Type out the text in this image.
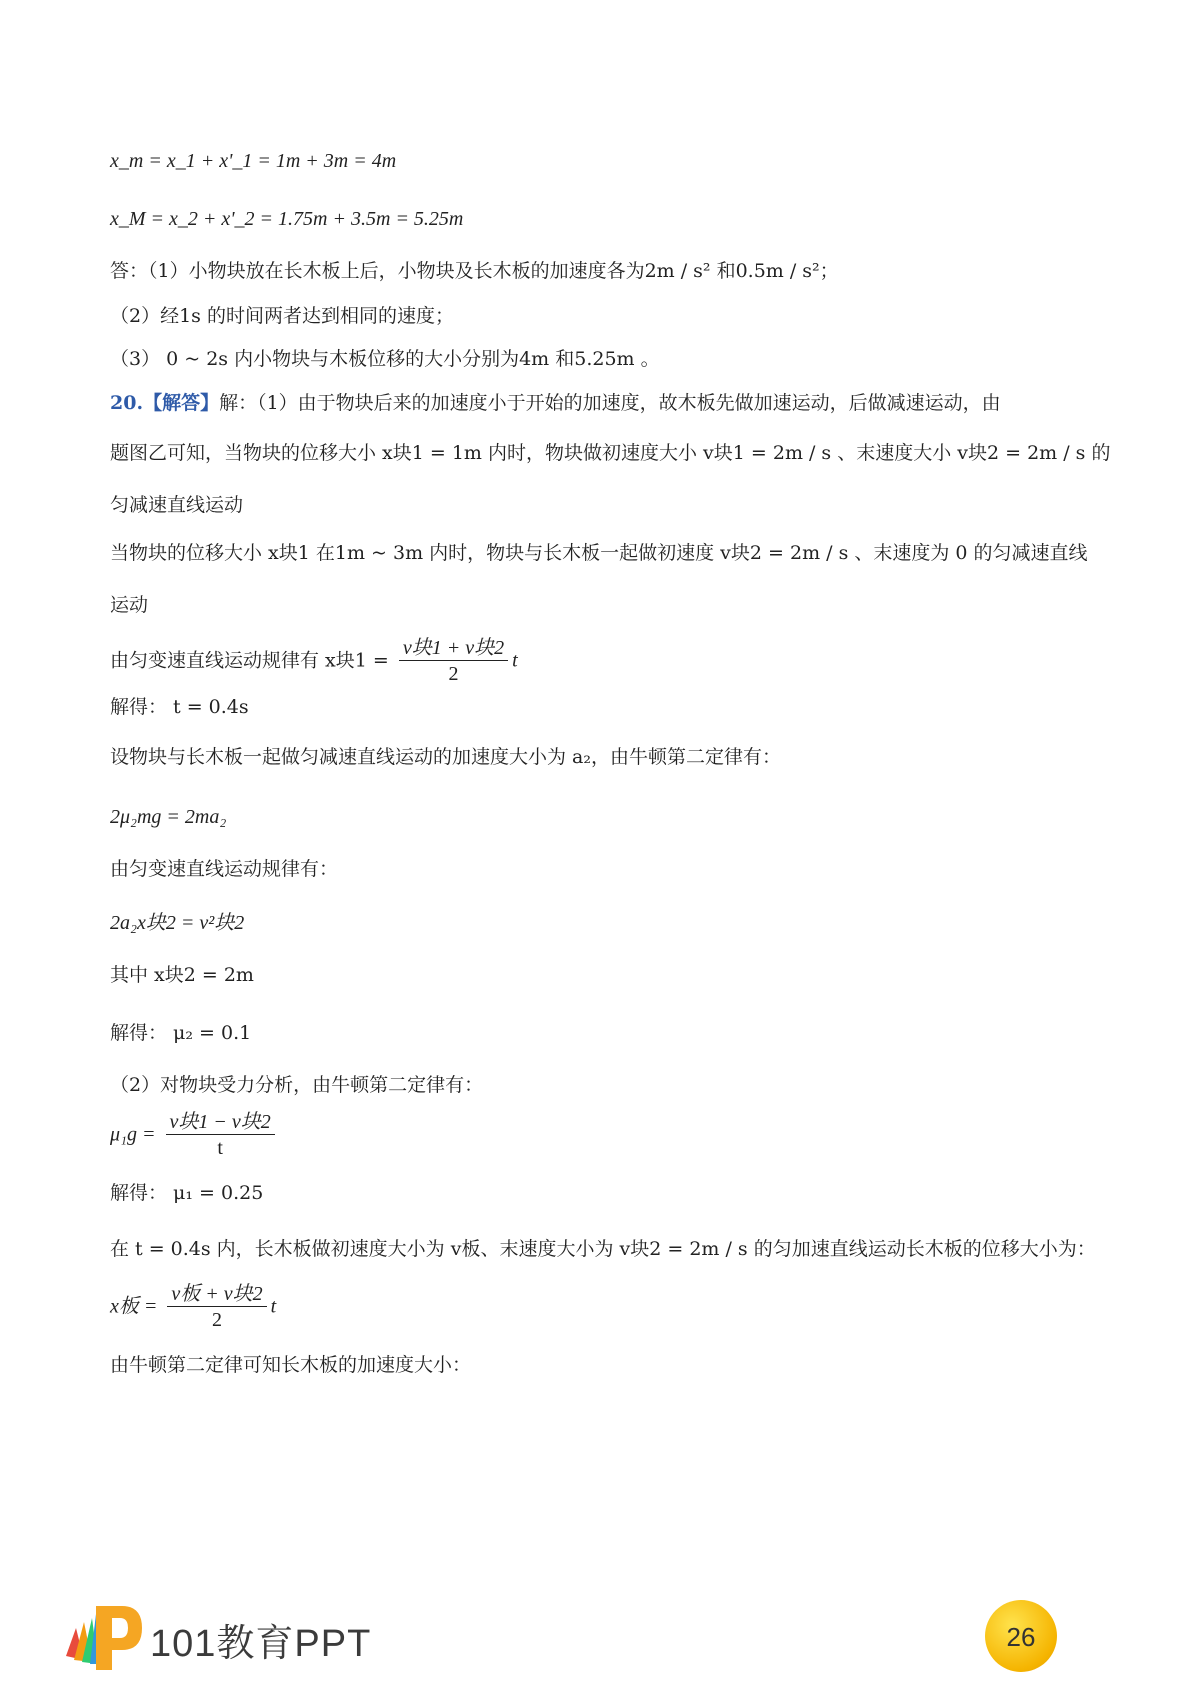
x_m = x_1 + x'_1 = 1m + 3m = 4m
x_M = x_2 + x'_2 = 1.75m + 3.5m = 5.25m
答：（1）小物块放在长木板上后，小物块及长木板的加速度各为2m / s² 和0.5m / s²；
（2）经1s 的时间两者达到相同的速度；
（3） 0 ~ 2s 内小物块与木板位移的大小分别为4m 和5.25m 。
20.【解答】解：（1）由于物块后来的加速度小于开始的加速度，故木板先做加速运动，后做减速运动，由
题图乙可知，当物块的位移大小 x块1 = 1m 内时，物块做初速度大小 v块1 = 2m / s 、末速度大小 v块2 = 2m / s 的
匀减速直线运动
当物块的位移大小 x块1 在1m ~ 3m 内时，物块与长木板一起做初速度 v块2 = 2m / s 、末速度为 0 的匀减速直线
运动
由匀变速直线运动规律有 x块$1 = \frac{\text{v块1 + v块2}}{2}$ t
解得： t = 0.4s
设物块与长木板一起做匀减速直线运动的加速度大小为 a₂，由牛顿第二定律有：
2μ₂mg = 2ma₂
由匀变速直线运动规律有：
2a₂x块2 = v²块2
其中 x块2 = 2m
解得： μ₂ = 0.1
（2）对物块受力分析，由牛顿第二定律有：
$\mu_1g = \frac{\text{v块1 − v块2}}{t}$
解得： μ₁ = 0.25
在 t = 0.4s 内，长木板做初速度大小为 v板、末速度大小为 v块2 = 2m / s 的匀加速直线运动长木板的位移大小为：
x板 = $\frac{\text{v板 + v块2}}{2}$ t
由牛顿第二定律可知长木板的加速度大小：
101教育PPT	26
